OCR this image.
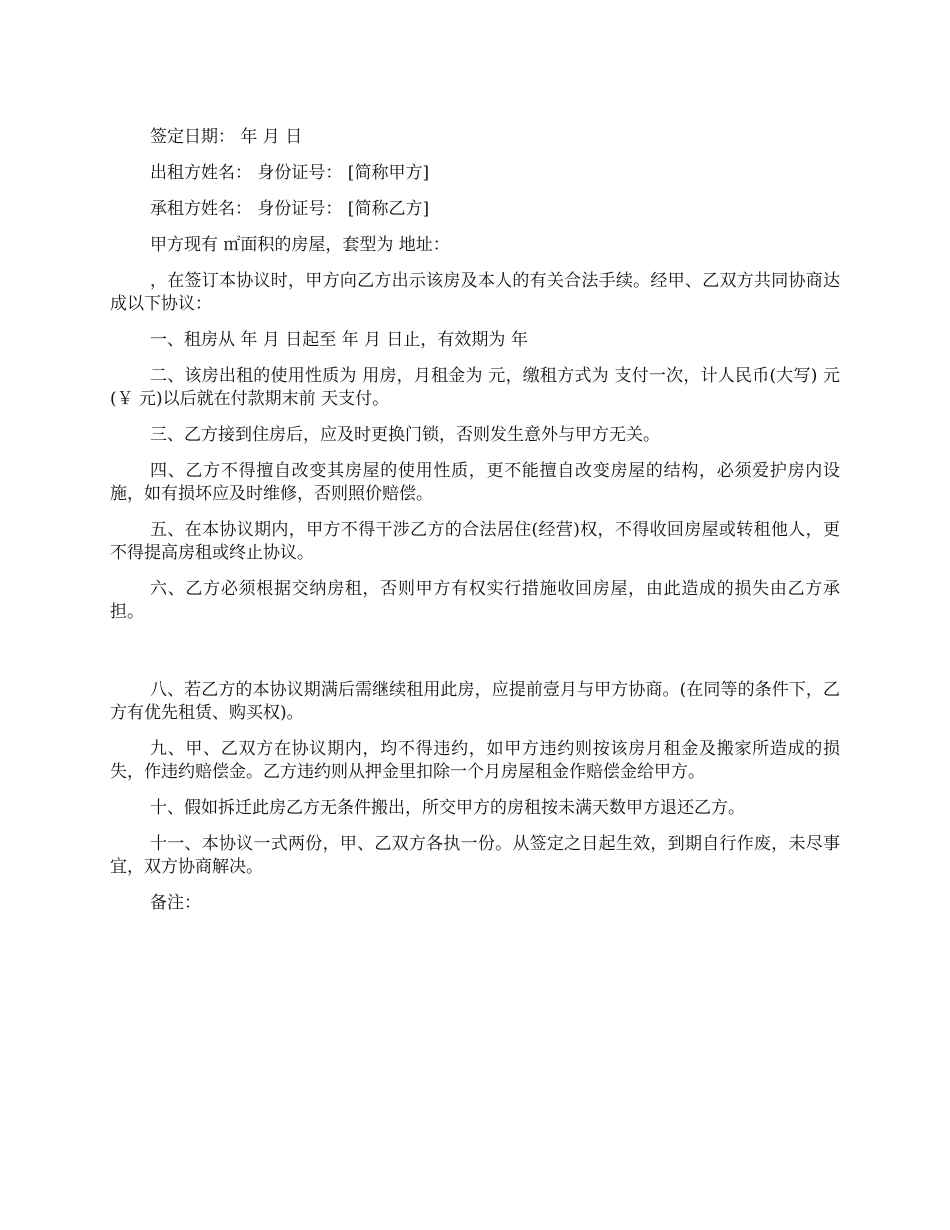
签定日期： 年 月 日

出租方姓名： 身份证号： [简称甲方]

承租方姓名： 身份证号： [简称乙方]

甲方现有 ㎡面积的房屋，套型为 地址：

，在签订本协议时，甲方向乙方出示该房及本人的有关合法手续。经甲、乙双方共同协商达成以下协议：

一、租房从 年 月 日起至 年 月 日止，有效期为 年

二、该房出租的使用性质为 用房，月租金为 元，缴租方式为 支付一次，计人民币(大写) 元(￥ 元)以后就在付款期末前 天支付。

三、乙方接到住房后，应及时更换门锁，否则发生意外与甲方无关。

四、乙方不得擅自改变其房屋的使用性质，更不能擅自改变房屋的结构，必须爱护房内设施，如有损坏应及时维修，否则照价赔偿。

五、在本协议期内，甲方不得干涉乙方的合法居住(经营)权，不得收回房屋或转租他人，更不得提高房租或终止协议。

六、乙方必须根据交纳房租，否则甲方有权实行措施收回房屋，由此造成的损失由乙方承担。

八、若乙方的本协议期满后需继续租用此房，应提前壹月与甲方协商。(在同等的条件下，乙方有优先租赁、购买权)。

九、甲、乙双方在协议期内，均不得违约，如甲方违约则按该房月租金及搬家所造成的损失，作违约赔偿金。乙方违约则从押金里扣除一个月房屋租金作赔偿金给甲方。

十、假如拆迁此房乙方无条件搬出，所交甲方的房租按未满天数甲方退还乙方。

十一、本协议一式两份，甲、乙双方各执一份。从签定之日起生效，到期自行作废，未尽事宜，双方协商解决。

备注：
